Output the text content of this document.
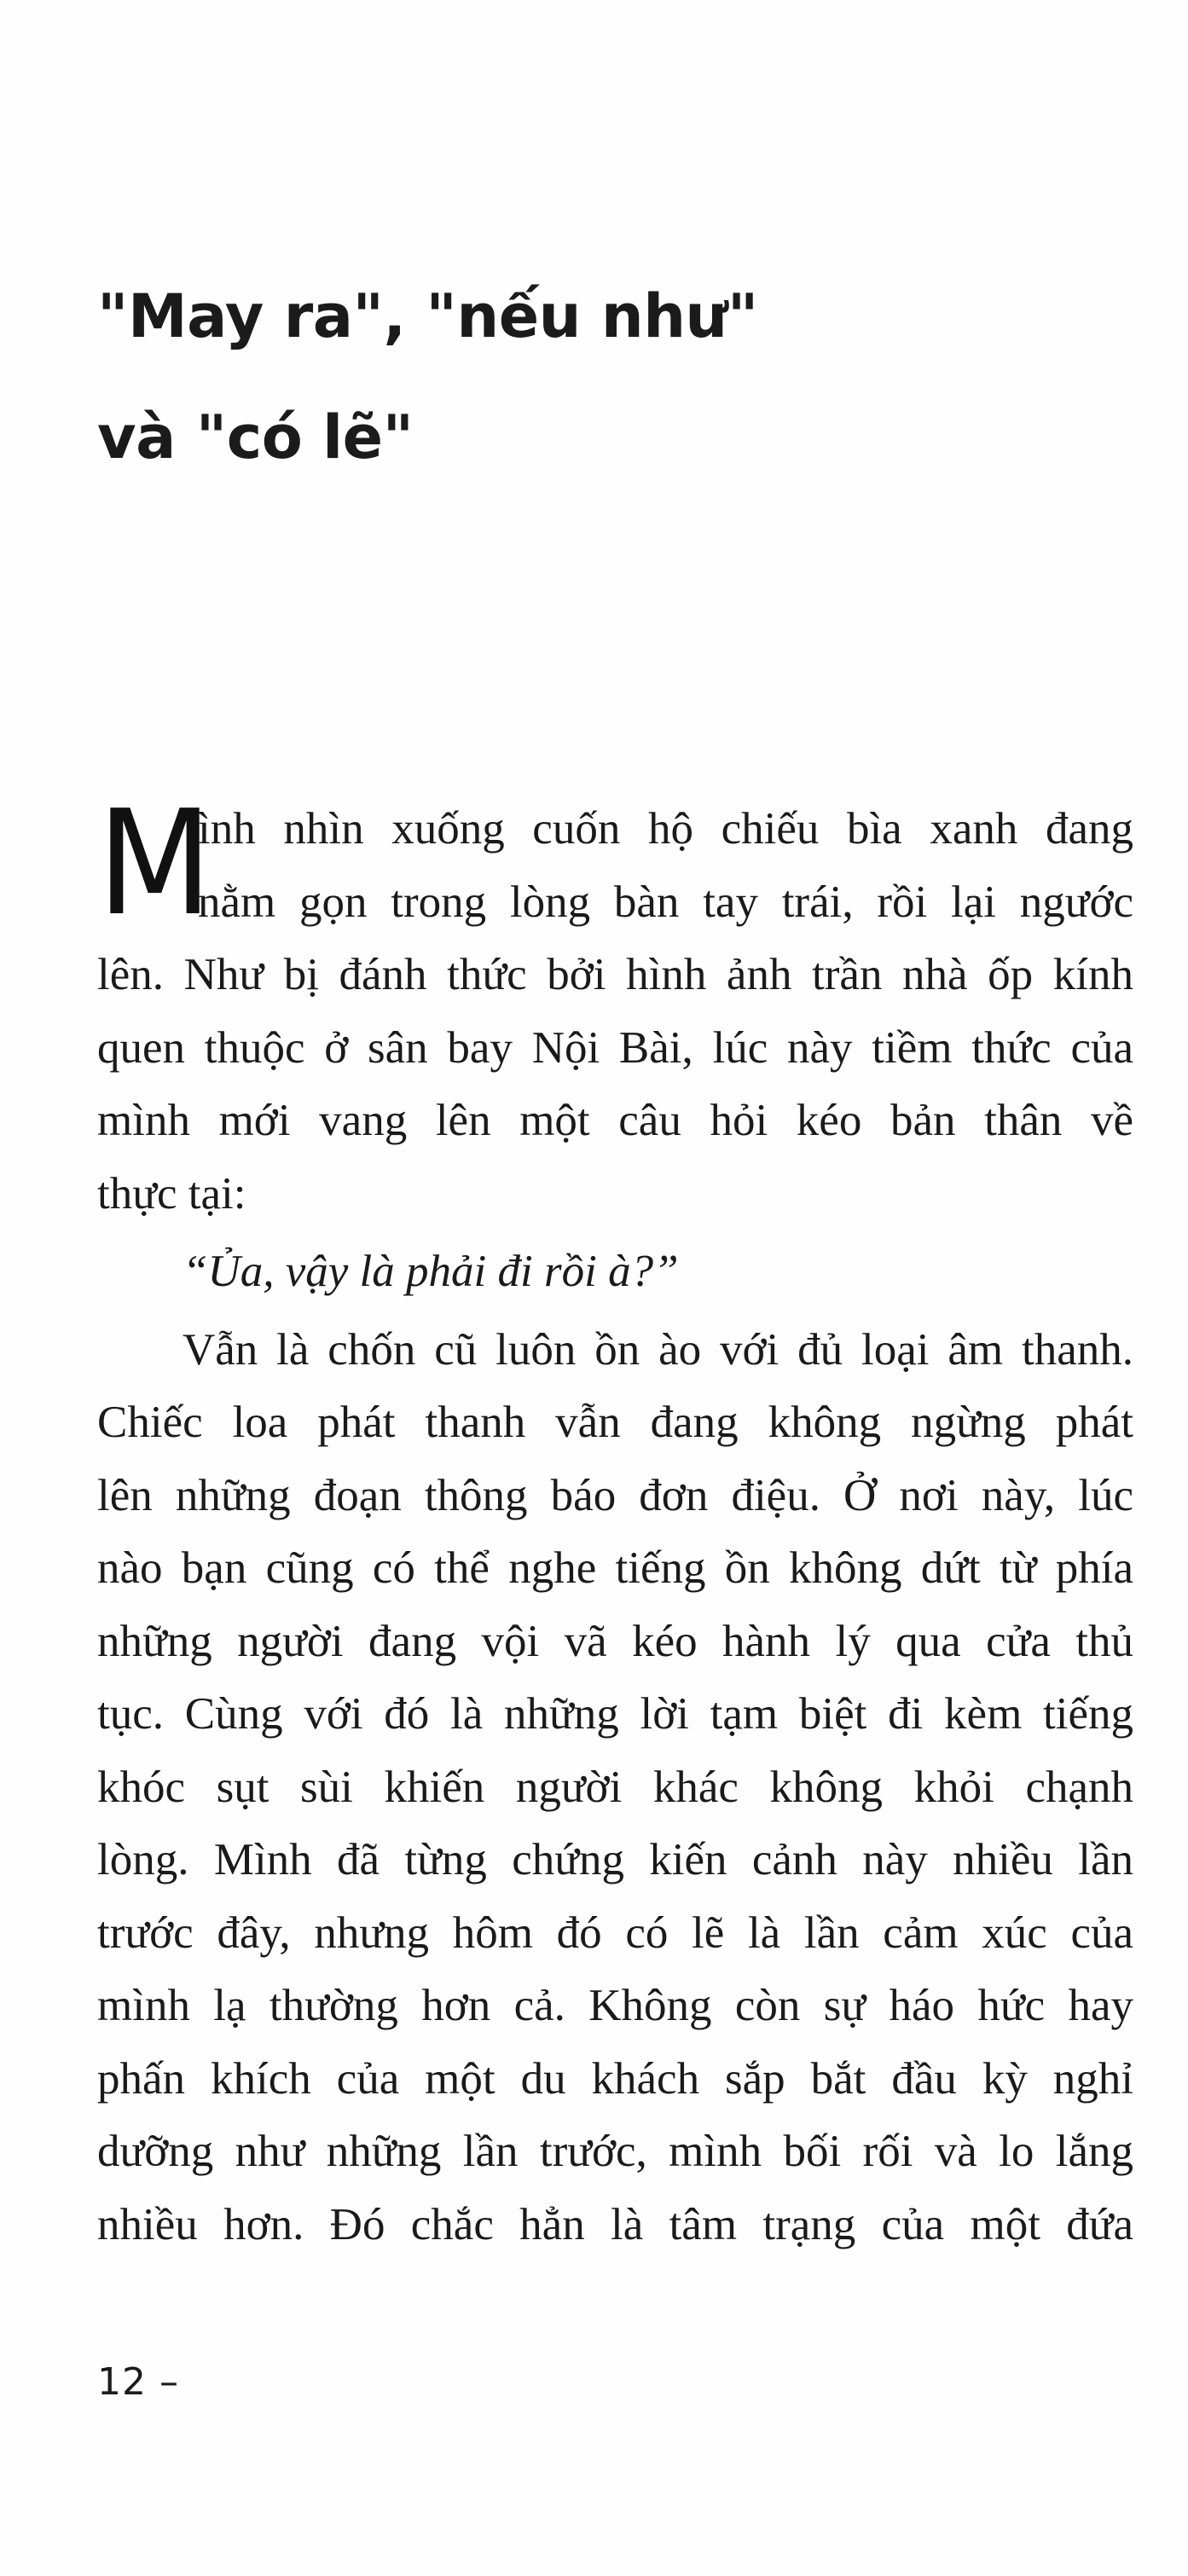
"May ra", "nếu như"
và "có lẽ"
M
ình nhìn xuống cuốn hộ chiếu bìa xanh đang
nằm gọn trong lòng bàn tay trái, rồi lại ngước
lên. Như bị đánh thức bởi hình ảnh trần nhà ốp kính
quen thuộc ở sân bay Nội Bài, lúc này tiềm thức của
mình mới vang lên một câu hỏi kéo bản thân về
thực tại:
“Ủa, vậy là phải đi rồi à?”
Vẫn là chốn cũ luôn ồn ào với đủ loại âm thanh.
Chiếc loa phát thanh vẫn đang không ngừng phát
lên những đoạn thông báo đơn điệu. Ở nơi này, lúc
nào bạn cũng có thể nghe tiếng ồn không dứt từ phía
những người đang vội vã kéo hành lý qua cửa thủ
tục. Cùng với đó là những lời tạm biệt đi kèm tiếng
khóc sụt sùi khiến người khác không khỏi chạnh
lòng. Mình đã từng chứng kiến cảnh này nhiều lần
trước đây, nhưng hôm đó có lẽ là lần cảm xúc của
mình lạ thường hơn cả. Không còn sự háo hức hay
phấn khích của một du khách sắp bắt đầu kỳ nghỉ
dưỡng như những lần trước, mình bối rối và lo lắng
nhiều hơn. Đó chắc hẳn là tâm trạng của một đứa
12 –
